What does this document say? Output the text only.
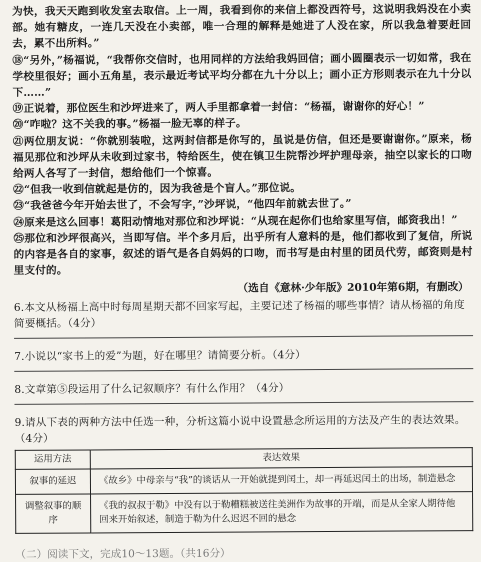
为快，我天天跑到收发室去取信。上一周，我看到你的来信上都没西符号，这说明我妈没在小卖部。她有糖皮，一连几天没在小卖部，唯一合理的解释是她进了人没在家，所以我急着要赶回去，累不出所料。”

⑱“另外，”杨福说，“我帮你交信时，也用同样的方法给我妈回信；画小圆圈表示一切如常，我在学校里很好；画小五角星，表示最近考试平均分都在九十分以上；画小正方形则表示在九十分以下……”

⑲正说着，那位医生和沙坪进来了，两人手里都拿着一封信：“杨福，谢谢你的好心！”

⑳“咋啦？这不关我的事。”杨福一脸无辜的样子。

㉑两位朋友说：“你就别装啦，这两封信都是你写的，虽说是仿信，但还是要谢谢你。”原来，杨福见那位和沙坪从未收到过家书，特给医生，使在镇卫生院帮沙坪护理母亲，抽空以家长的口吻给两人各写了一封信，想给他们一个惊喜。

㉒“但我一收到信就起是仿的，因为我爸是个盲人。”那位说。

㉓“我爸爸今年开始去世了，不会写字，”沙坪说，“他四年前就去世了。”

㉔原来是这么回事！葛阳动情地对那位和沙坪说：“从现在起你们也给家里写信，邮资我出！”

㉕那位和沙坪很高兴，当即写信。半个多月后，出乎所有人意料的是，他们都收到了复信，所说的内容是各自的家事，叙述的语气是各自妈妈的口吻，而书写是由村里的团员代劳，邮资则是村里支付的。

（选自《意林·少年版》2010年第6期，有删改）

6.本文从杨福上高中时每周星期天都不回家写起，主要记述了杨福的哪些事情？请从杨福的角度简要概括。（4分）

7.小说以“家书上的爱”为题，好在哪里？请简要分析。（4分）

8.文章第⑤段运用了什么记叙顺序？有什么作用？（4分）

9.请从下表的两种方法中任选一种，分析这篇小说中设置悬念所运用的方法及产生的表达效果。（4分）

运用方法	表达效果
叙事的延迟	《故乡》中母亲与“我”的谈话从一开始就提到闰土，却一再延迟闰土的出场，制造悬念
调整叙事的顺序	《我的叔叔于勒》中没有以于勒糟糕被送往美洲作为故事的开端，而是从全家人期待他回来开始叙述，制造于勒为什么迟迟不回的悬念
（二）阅读下文，完成10～13题。（共16分）
